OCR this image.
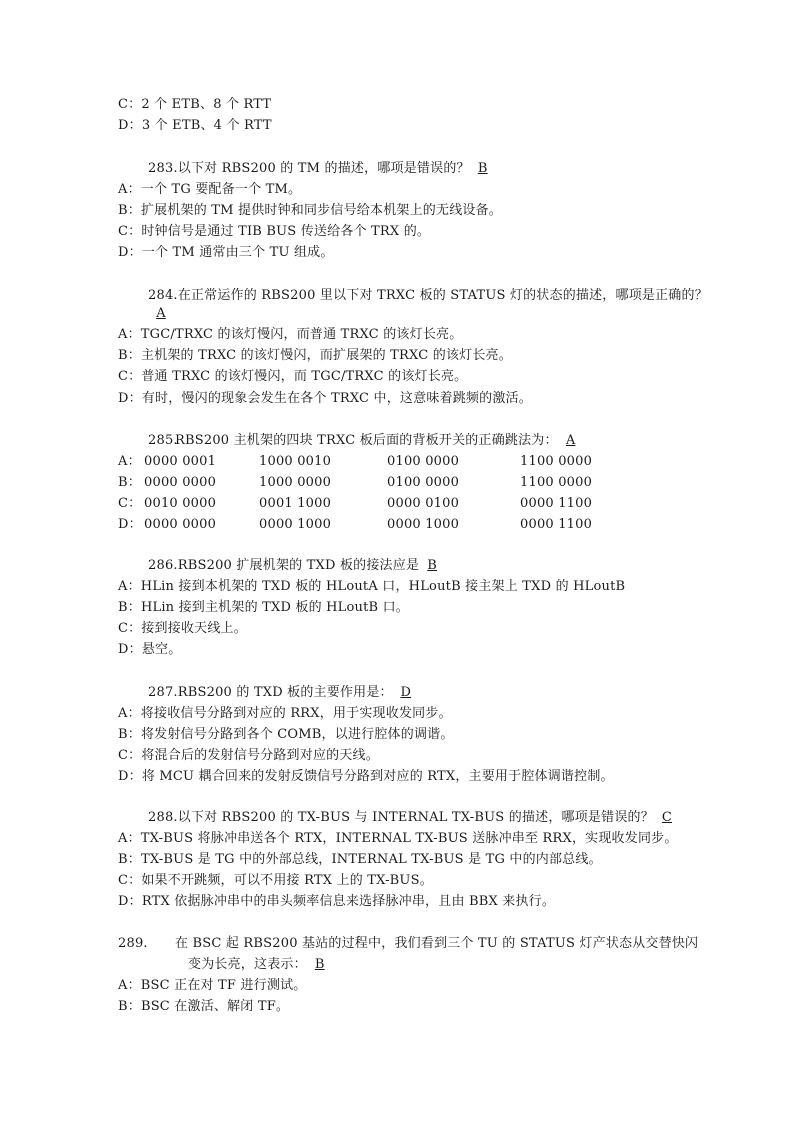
C：2 个 ETB、8 个 RTT
D：3 个 ETB、4 个 RTT
283.以下对 RBS200 的 TM 的描述，哪项是错误的？ B
A：一个 TG 要配备一个 TM。
B：扩展机架的 TM 提供时钟和同步信号给本机架上的无线设备。
C：时钟信号是通过 TIB BUS 传送给各个 TRX 的。
D：一个 TM 通常由三个 TU 组成。
284.在正常运作的 RBS200 里以下对 TRXC 板的 STATUS 灯的状态的描述，哪项是正确的？
A
A：TGC/TRXC 的该灯慢闪，而普通 TRXC 的该灯长亮。
B：主机架的 TRXC 的该灯慢闪，而扩展架的 TRXC 的该灯长亮。
C：普通 TRXC 的该灯慢闪，而 TGC/TRXC 的该灯长亮。
D：有时，慢闪的现象会发生在各个 TRXC 中，这意味着跳频的激活。
285.
RBS200 主机架的四块 TRXC 板后面的背板开关的正确跳法为： A
A： 0000 0001	1000 0010	0100 0000	1100 0000
B： 0000 0000	1000 0000	0100 0000	1100 0000
C： 0010 0000	0001 1000	0000 0100	0000 1100
D： 0000 0000	0000 1000	0000 1000	0000 1100
286.RBS200 扩展机架的 TXD 板的接法应是 B
A：HLin 接到本机架的 TXD 板的 HLoutA 口，HLoutB 接主架上 TXD 的 HLoutB
B：HLin 接到主机架的 TXD 板的 HLoutB 口。
C：接到接收天线上。
D：悬空。
287.RBS200 的 TXD 板的主要作用是： D
A：将接收信号分路到对应的 RRX，用于实现收发同步。
B：将发射信号分路到各个 COMB，以进行腔体的调谐。
C：将混合后的发射信号分路到对应的天线。
D：将 MCU 耦合回来的发射反馈信号分路到对应的 RTX，主要用于腔体调谐控制。
288.以下对 RBS200 的 TX-BUS 与 INTERNAL TX-BUS 的描述，哪项是错误的？ C
A：TX-BUS 将脉冲串送各个 RTX，INTERNAL TX-BUS 送脉冲串至 RRX，实现收发同步。
B：TX-BUS 是 TG 中的外部总线，INTERNAL TX-BUS 是 TG 中的内部总线。
C：如果不开跳频，可以不用接 RTX 上的 TX-BUS。
D：RTX 依据脉冲串中的串头频率信息来选择脉冲串，且由 BBX 来执行。
289. 在 BSC 起 RBS200 基站的过程中，我们看到三个 TU 的 STATUS 灯产状态从交替快闪
变为长亮，这表示： B
A：BSC 正在对 TF 进行测试。
B：BSC 在激活、解闭 TF。
